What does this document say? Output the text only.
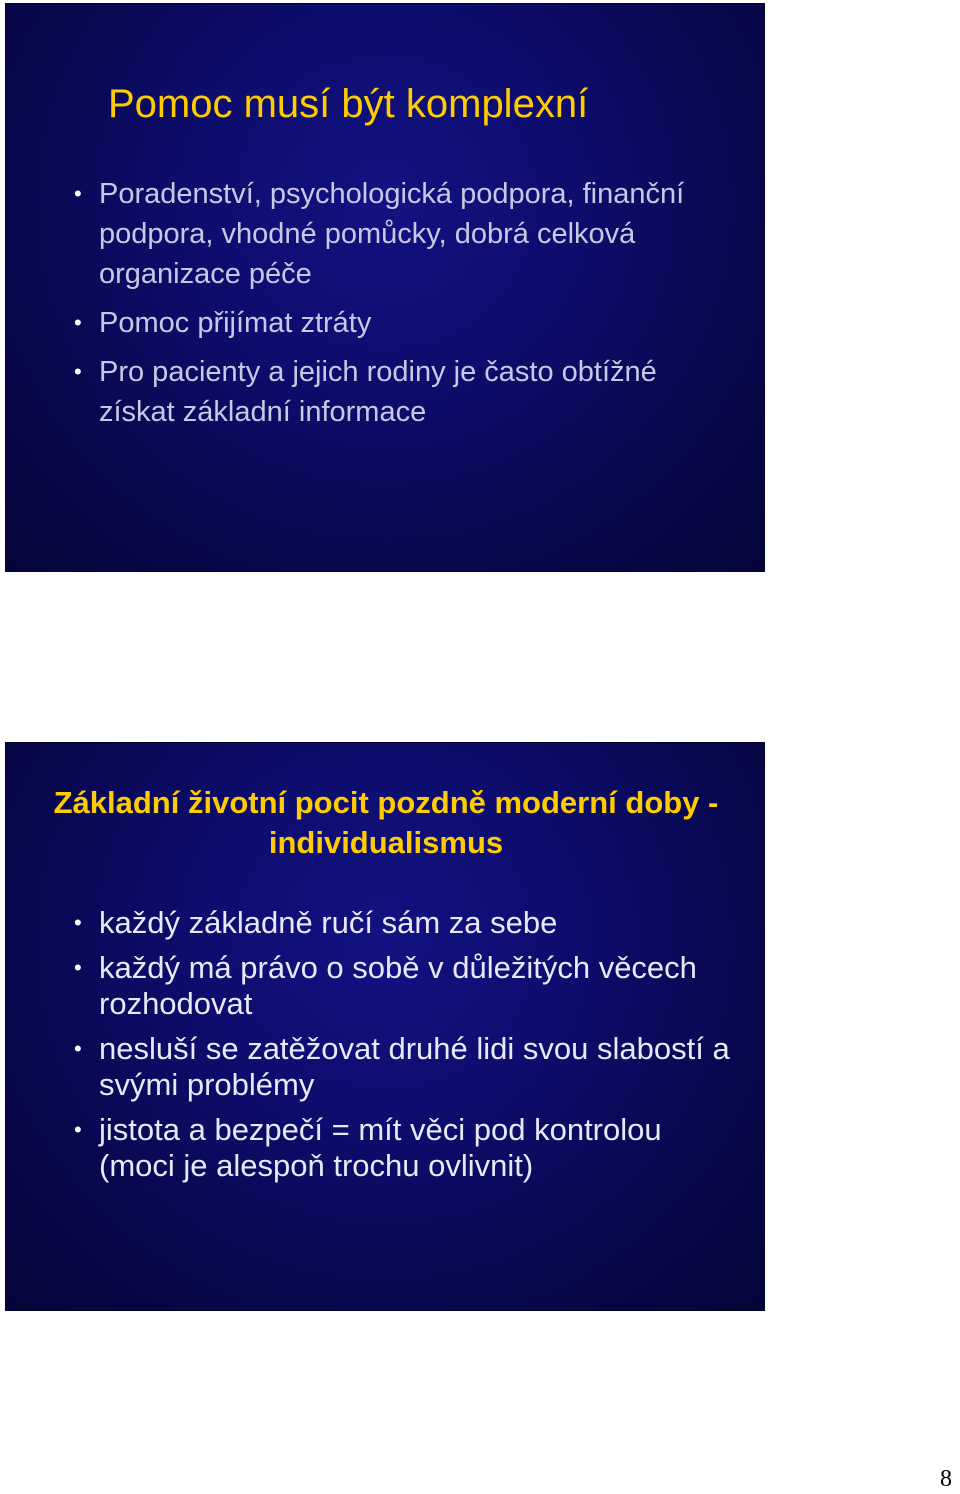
Pomoc musí být komplexní
• Poradenství, psychologická podpora, finanční podpora, vhodné pomůcky, dobrá celková organizace péče
• Pomoc přijímat ztráty
• Pro pacienty a jejich rodiny je často obtížné získat základní informace
Základní životní pocit pozdně moderní doby - individualismus
• každý základně ručí sám za sebe
• každý má právo o sobě v důležitých věcech rozhodovat
• nesluší se zatěžovat druhé lidi svou slabostí a svými problémy
• jistota a bezpečí = mít věci pod kontrolou (moci je alespoň trochu ovlivnit)
8
